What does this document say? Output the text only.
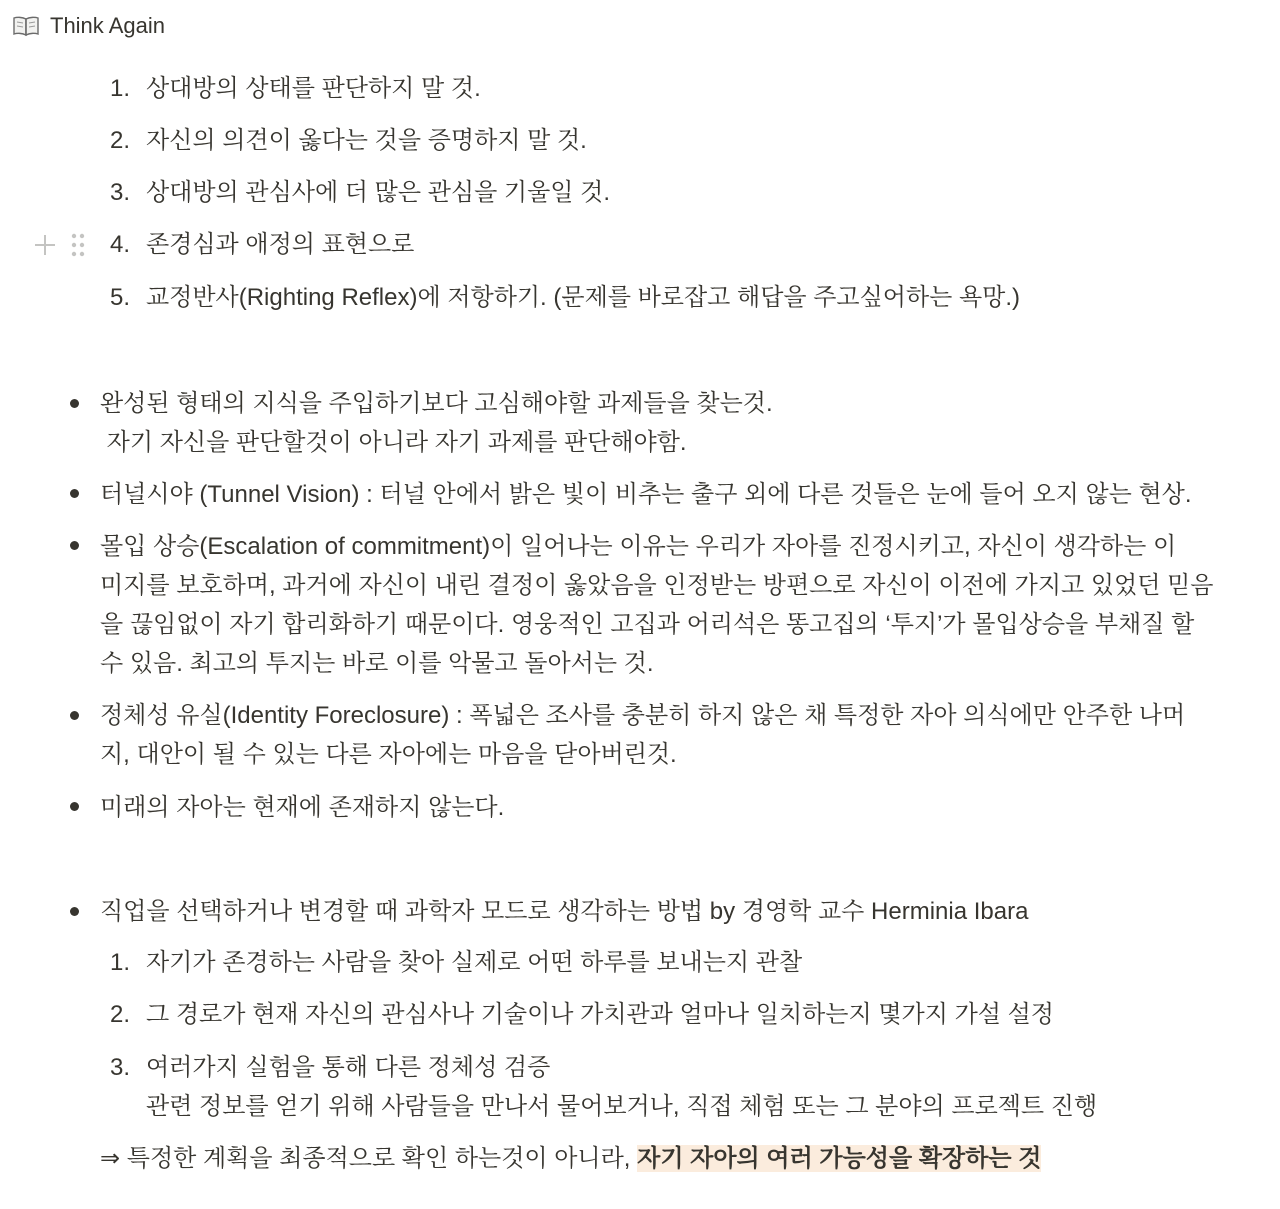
Think Again
1. 상대방의 상태를 판단하지 말 것.
2. 자신의 의견이 옳다는 것을 증명하지 말 것.
3. 상대방의 관심사에 더 많은 관심을 기울일 것.
4. 존경심과 애정의 표현으로
5. 교정반사(Righting Reflex)에 저항하기. (문제를 바로잡고 해답을 주고싶어하는 욕망.)
완성된 형태의 지식을 주입하기보다 고심해야할 과제들을 찾는것.
자기 자신을 판단할것이 아니라 자기 과제를 판단해야함.
터널시야 (Tunnel Vision) : 터널 안에서 밝은 빛이 비추는 출구 외에 다른 것들은 눈에 들어 오지 않는 현상.
몰입 상승(Escalation of commitment)이 일어나는 이유는 우리가 자아를 진정시키고, 자신이 생각하는 이
미지를 보호하며, 과거에 자신이 내린 결정이 옳았음을 인정받는 방편으로 자신이 이전에 가지고 있었던 믿음
을 끊임없이 자기 합리화하기 때문이다. 영웅적인 고집과 어리석은 똥고집의 ‘투지’가 몰입상승을 부채질 할
수 있음. 최고의 투지는 바로 이를 악물고 돌아서는 것.
정체성 유실(Identity Foreclosure) : 폭넓은 조사를 충분히 하지 않은 채 특정한 자아 의식에만 안주한 나머
지, 대안이 될 수 있는 다른 자아에는 마음을 닫아버린것.
미래의 자아는 현재에 존재하지 않는다.
직업을 선택하거나 변경할 때 과학자 모드로 생각하는 방법 by 경영학 교수 Herminia Ibara
1. 자기가 존경하는 사람을 찾아 실제로 어떤 하루를 보내는지 관찰
2. 그 경로가 현재 자신의 관심사나 기술이나 가치관과 얼마나 일치하는지 몇가지 가설 설정
3. 여러가지 실험을 통해 다른 정체성 검증
관련 정보를 얻기 위해 사람들을 만나서 물어보거나, 직접 체험 또는 그 분야의 프로젝트 진행
⇒ 특정한 계획을 최종적으로 확인 하는것이 아니라, 자기 자아의 여러 가능성을 확장하는 것
